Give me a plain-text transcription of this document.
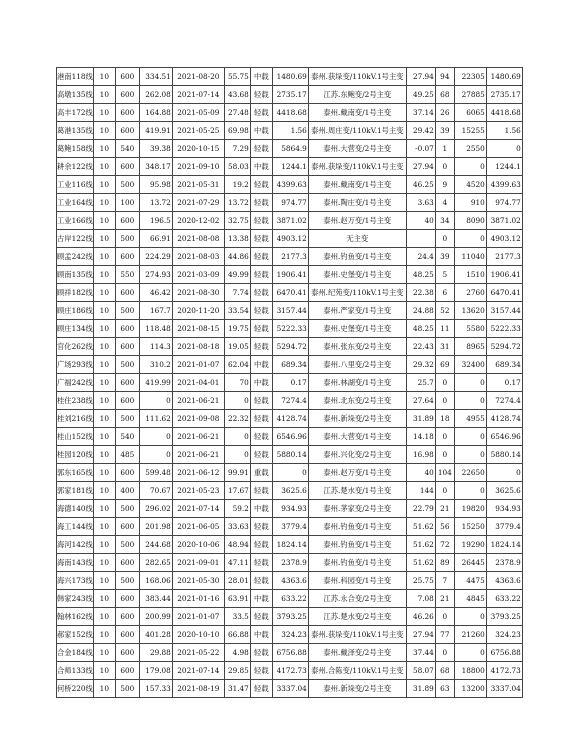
港南118线	10	600	334.51	2021-08-20	55.75	中载	1480.69	泰州.获垛变/110kV.1号主变	27.94	94	22305	1480.69
高墩135线	10	600	262.08	2021-07-14	43.68	轻载	2735.17	江苏.东鲍变/2号主变	49.25	68	27885	2735.17
高丰172线	10	600	164.88	2021-05-09	27.48	轻载	4418.68	泰州.戴南变/1号主变	37.14	26	6065	4418.68
葛港135线	10	600	419.91	2021-05-25	69.98	中载	1.56	泰州.周庄变/110kV.1号主变	29.42	39	15255	1.56
葛鲍158线	10	540	39.38	2020-10-15	7.29	轻载	5864.9	泰州.大营变/2号主变	-0.07	1	2550	0
耕余122线	10	600	348.17	2021-09-10	58.03	中载	1244.1	泰州.获垛变/110kV.1号主变	27.94	0	0	1244.1
工业116线	10	500	95.98	2021-05-31	19.2	轻载	4399.63	泰州.戴南变/1号主变	46.25	9	4520	4399.63
工业164线	10	100	13.72	2021-07-29	13.72	轻载	974.77	泰州.陶庄变/1号主变	3.63	4	910	974.77
工业166线	10	600	196.5	2020-12-02	32.75	轻载	3871.02	泰州.赵万变/1号主变	40	34	8090	3871.02
古岸122线	10	500	66.91	2021-08-08	13.38	轻载	4903.12	无主变		0	0	4903.12
顾孟242线	10	600	224.29	2021-08-03	44.86	轻载	2177.3	泰州.钓鱼变/1号主变	24.4	39	11040	2177.3
顾南135线	10	550	274.93	2021-03-09	49.99	轻载	1906.41	泰州.史堡变/1号主变	48.25	5	1510	1906.41
顾祥182线	10	600	46.42	2021-08-30	7.74	轻载	6470.41	泰州.纪苑变/110kV.1号主变	22.38	6	2760	6470.41
顾庄186线	10	500	167.7	2020-11-20	33.54	轻载	3157.44	泰州.严家变/1号主变	24.88	52	13620	3157.44
顾庄134线	10	600	118.48	2021-08-15	19.75	轻载	5222.33	泰州.史堡变/1号主变	48.25	11	5580	5222.33
官化262线	10	600	114.3	2021-08-18	19.05	轻载	5294.72	泰州.张东变/2号主变	22.43	31	8965	5294.72
广场293线	10	500	310.2	2021-01-07	62.04	中载	689.34	泰州.八里变/2号主变	29.32	69	32400	689.34
广福242线	10	600	419.99	2021-04-01	70	中载	0.17	泰州.林湖变/1号主变	25.7	0	0	0.17
桂住238线	10	600	0	2021-06-21	0	轻载	7274.4	泰州.北东变/2号主变	27.64	0	0	7274.4
桂刘216线	10	500	111.62	2021-09-08	22.32	轻载	4128.74	泰州.新垛变/2号主变	31.89	18	4955	4128.74
桂山152线	10	540	0	2021-06-21	0	轻载	6546.96	泰州.大营变/1号主变	14.18	0	0	6546.96
桂园120线	10	485	0	2021-06-21	0	轻载	5880.14	泰州.兴化变/2号主变	16.98	0	0	5880.14
郭东165线	10	600	599.48	2021-06-12	99.91	重载	0	泰州.赵万变/1号主变	40	104	22650	0
郭家181线	10	400	70.67	2021-05-23	17.67	轻载	3625.6	江苏.楚水变/1号主变	144	0	0	3625.6
海德140线	10	500	296.02	2021-07-14	59.2	中载	934.93	泰州.茅家变/2号主变	22.79	21	19820	934.93
海工144线	10	600	201.98	2021-06-05	33.63	轻载	3779.4	泰州.钓鱼变/1号主变	51.62	56	15250	3779.4
海河142线	10	500	244.68	2020-10-06	48.94	轻载	1824.14	泰州.钓鱼变/1号主变	51.62	72	19290	1824.14
海南143线	10	600	282.65	2021-09-01	47.11	轻载	2378.9	泰州.钓鱼变/1号主变	51.62	89	26445	2378.9
海兴173线	10	500	168.06	2021-05-30	28.01	轻载	4363.6	泰州.科园变/1号主变	25.75	7	4475	4363.6
韩家243线	10	600	383.44	2021-01-16	63.91	中载	633.22	江苏.永合变/2号主变	7.08	21	4845	633.22
翰林162线	10	600	200.99	2021-01-07	33.5	轻载	3793.25	江苏.楚水变/2号主变	46.26	0	0	3793.25
郝家152线	10	600	401.28	2020-10-10	66.88	中载	324.23	泰州.获垛变/110kV.1号主变	27.94	77	21260	324.23
合金184线	10	600	29.88	2021-05-22	4.98	轻载	6756.88	泰州.戴泽变/2号主变	37.44	0	0	6756.88
合师133线	10	600	179.08	2021-07-14	29.85	轻载	4172.73	泰州.合陈变/110kV.1号主变	58.07	68	18800	4172.73
何桥220线	10	500	157.33	2021-08-19	31.47	轻载	3337.04	泰州.新垛变/2号主变	31.89	63	13200	3337.04
